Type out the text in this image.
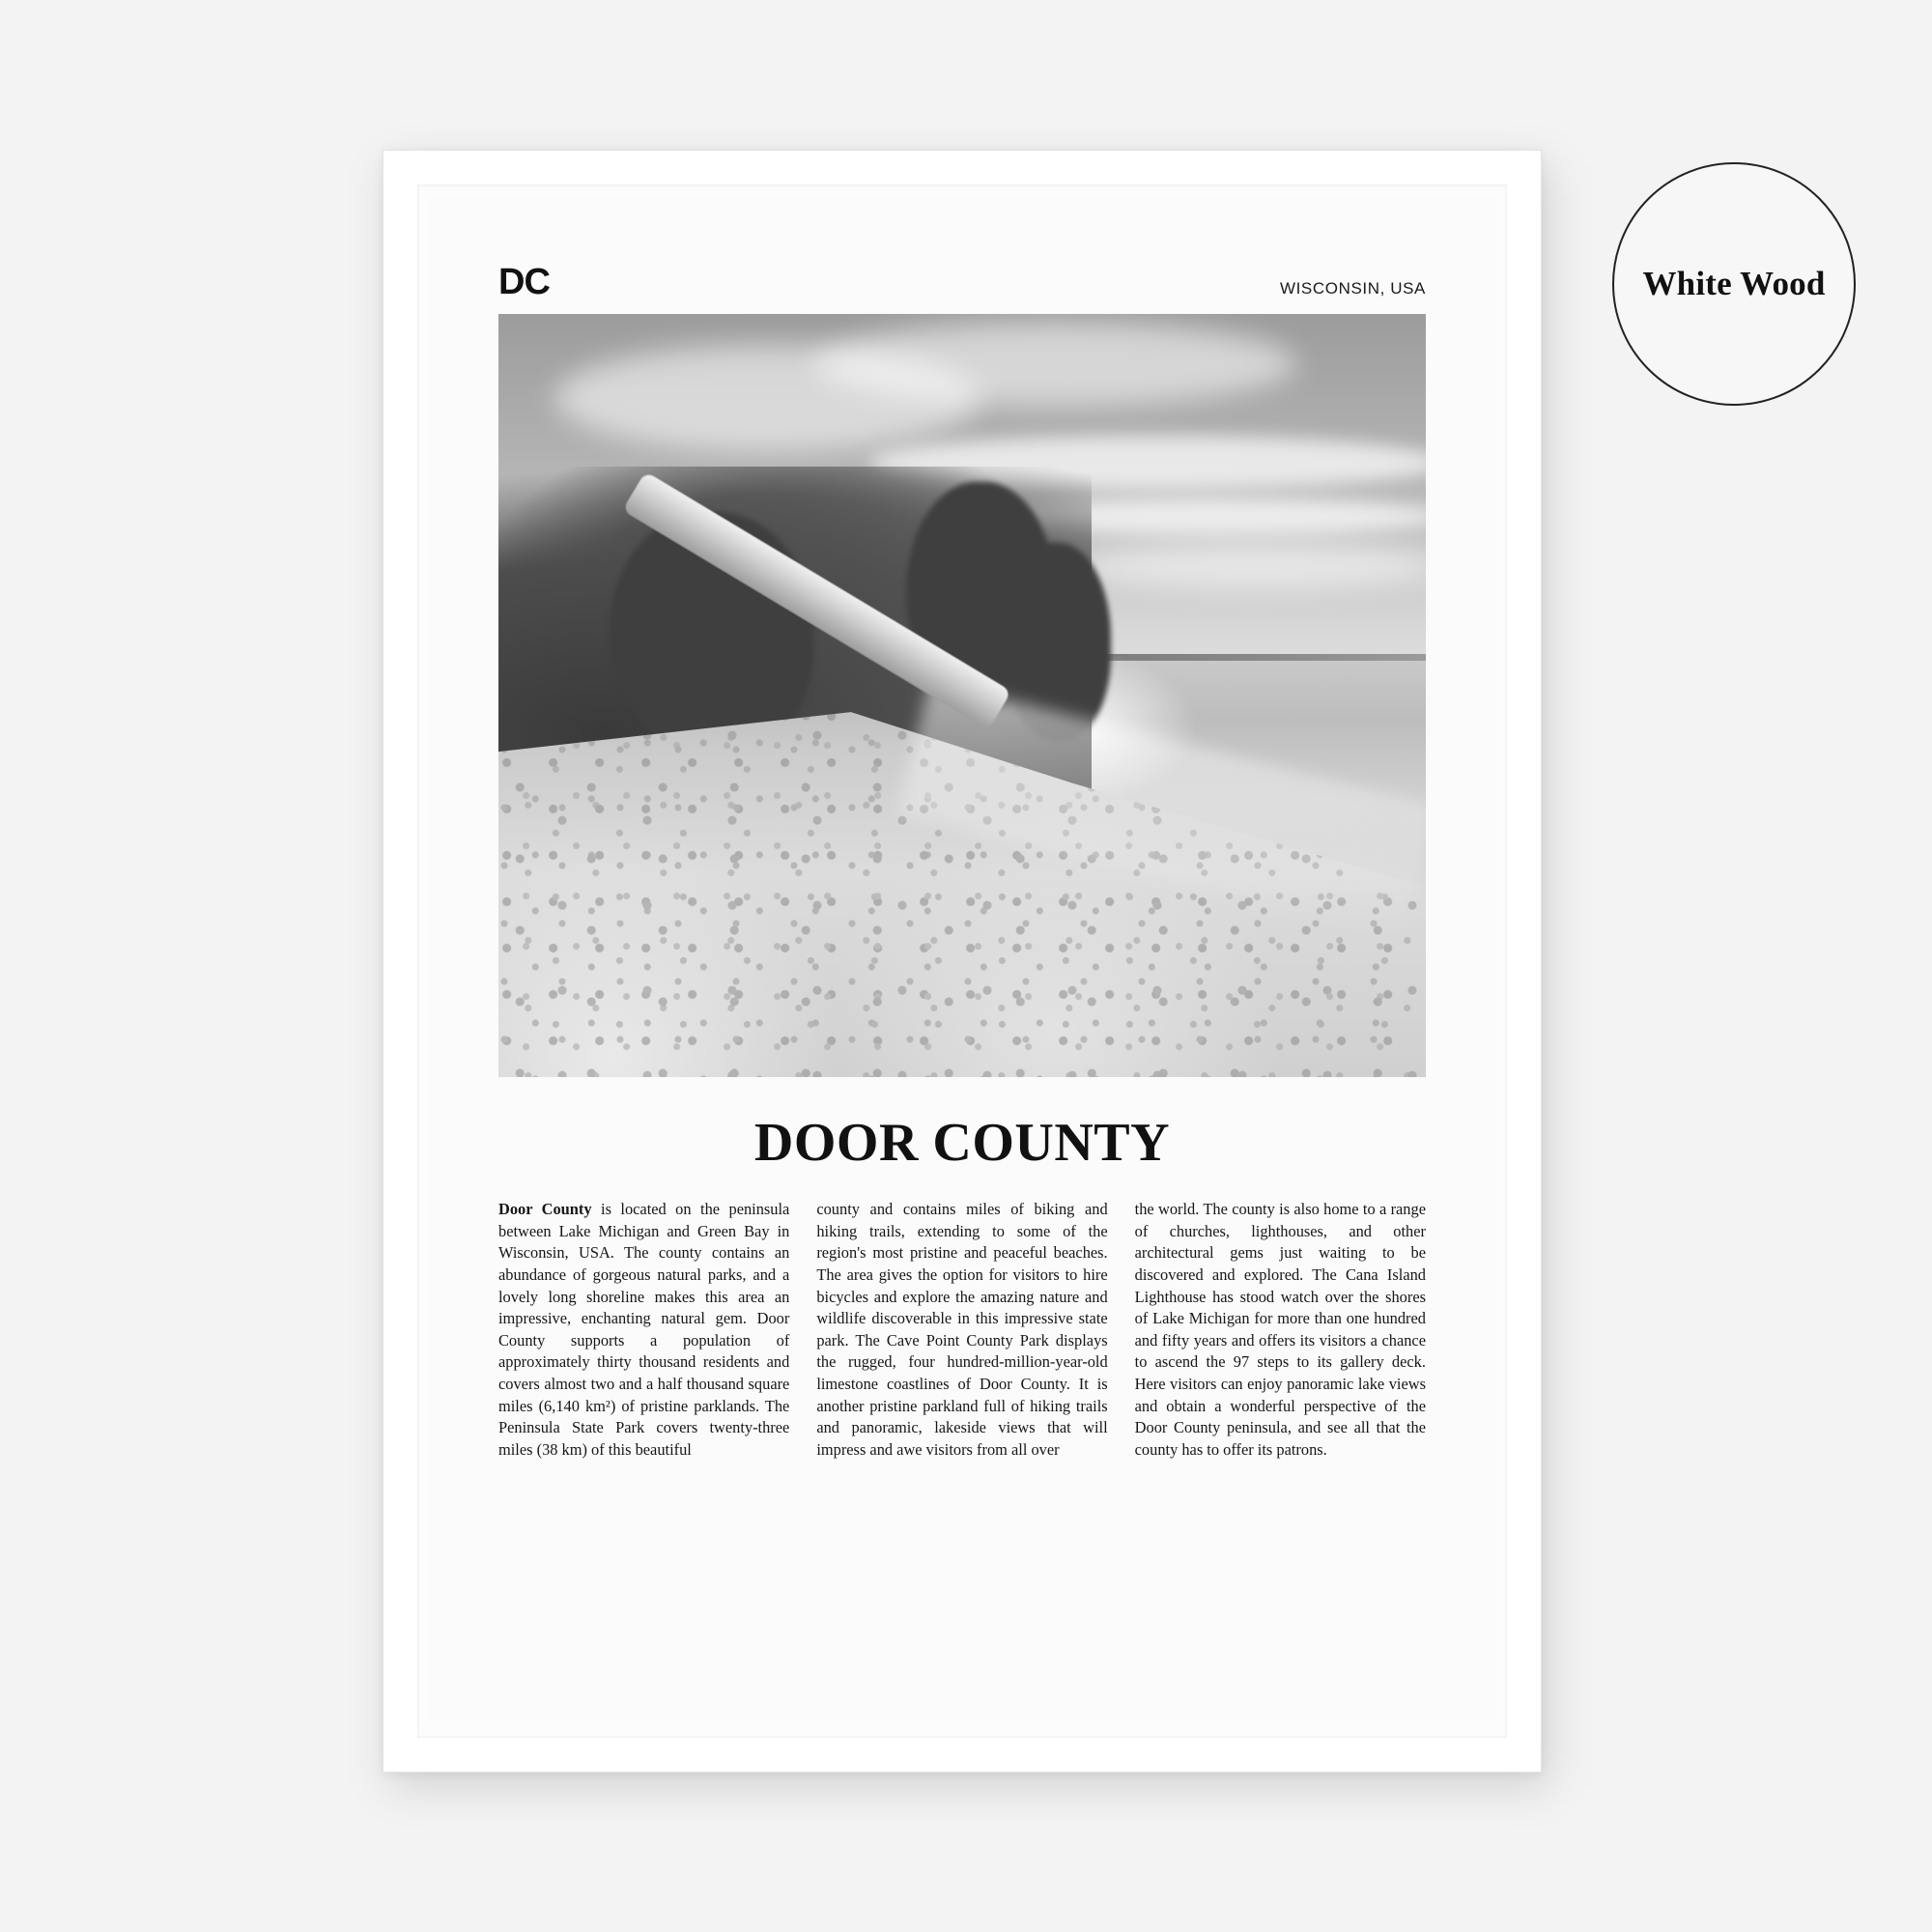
White Wood
DC	WISCONSIN, USA
DOOR COUNTY
Door County is located on the peninsula between Lake Michigan and Green Bay in Wisconsin, USA. The county contains an abundance of gorgeous natural parks, and a lovely long shoreline makes this area an impressive, enchanting natural gem. Door County supports a population of approximately thirty thousand residents and covers almost two and a half thousand square miles (6,140 km²) of pristine parklands. The Peninsula State Park covers twenty-three miles (38 km) of this beautiful
county and contains miles of biking and hiking trails, extending to some of the region's most pristine and peaceful beaches. The area gives the option for visitors to hire bicycles and explore the amazing nature and wildlife discoverable in this impressive state park. The Cave Point County Park displays the rugged, four hundred-million-year-old limestone coastlines of Door County. It is another pristine parkland full of hiking trails and panoramic, lakeside views that will impress and awe visitors from all over
the world. The county is also home to a range of churches, lighthouses, and other architectural gems just waiting to be discovered and explored. The Cana Island Lighthouse has stood watch over the shores of Lake Michigan for more than one hundred and fifty years and offers its visitors a chance to ascend the 97 steps to its gallery deck. Here visitors can enjoy panoramic lake views and obtain a wonderful perspective of the Door County peninsula, and see all that the county has to offer its patrons.
